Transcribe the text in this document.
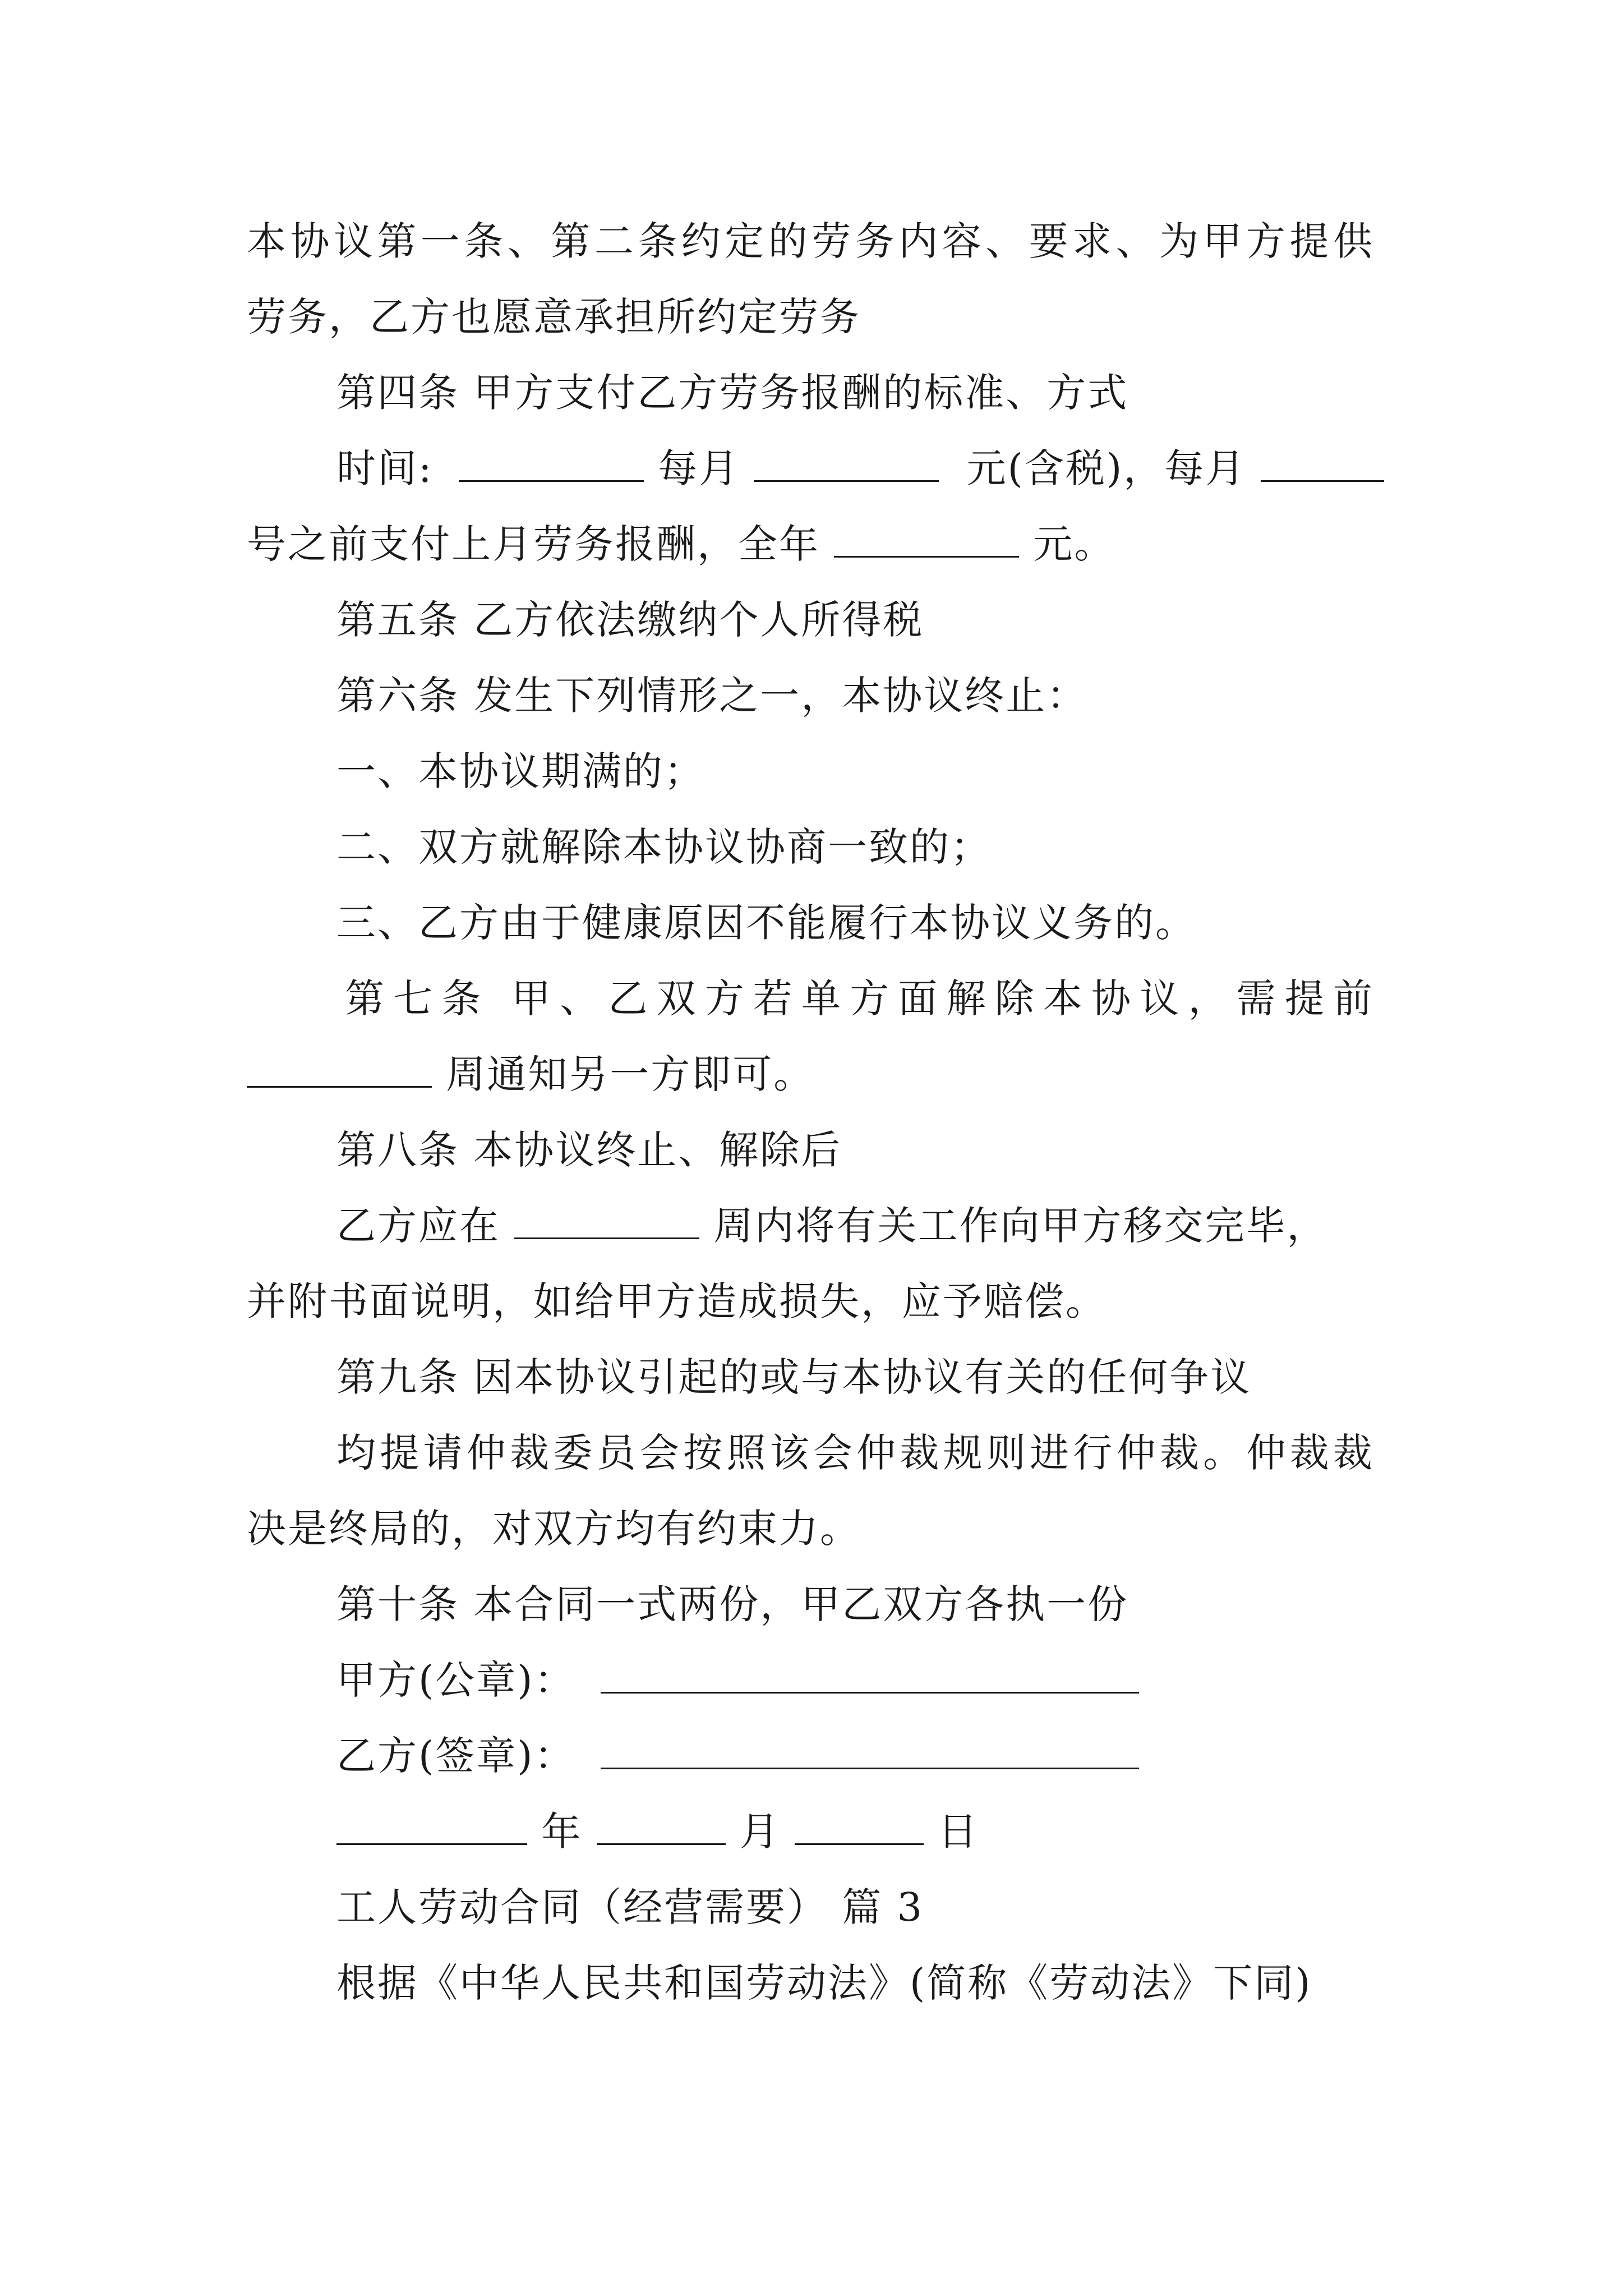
本协议第一条、第二条约定的劳务内容、要求、为甲方提供
劳务，乙方也愿意承担所约定劳务
第四条 甲方支付乙方劳务报酬的标准、方式
时间:	每月	元(含税)，每月
号之前支付上月劳务报酬，全年	元。
第五条 乙方依法缴纳个人所得税
第六条 发生下列情形之一，本协议终止：
一、本协议期满的；
二、双方就解除本协议协商一致的；
三、乙方由于健康原因不能履行本协议义务的。
第七条 甲、乙双方若单方面解除本协议，需提前
周通知另一方即可。
第八条 本协议终止、解除后
乙方应在	周内将有关工作向甲方移交完毕，
并附书面说明，如给甲方造成损失，应予赔偿。
第九条 因本协议引起的或与本协议有关的任何争议
均提请仲裁委员会按照该会仲裁规则进行仲裁。仲裁裁
决是终局的，对双方均有约束力。
第十条 本合同一式两份，甲乙双方各执一份
甲方(公章)：
乙方(签章)：
年	月	日
工人劳动合同（经营需要） 篇 3
根据《中华人民共和国劳动法》(简称《劳动法》下同)
